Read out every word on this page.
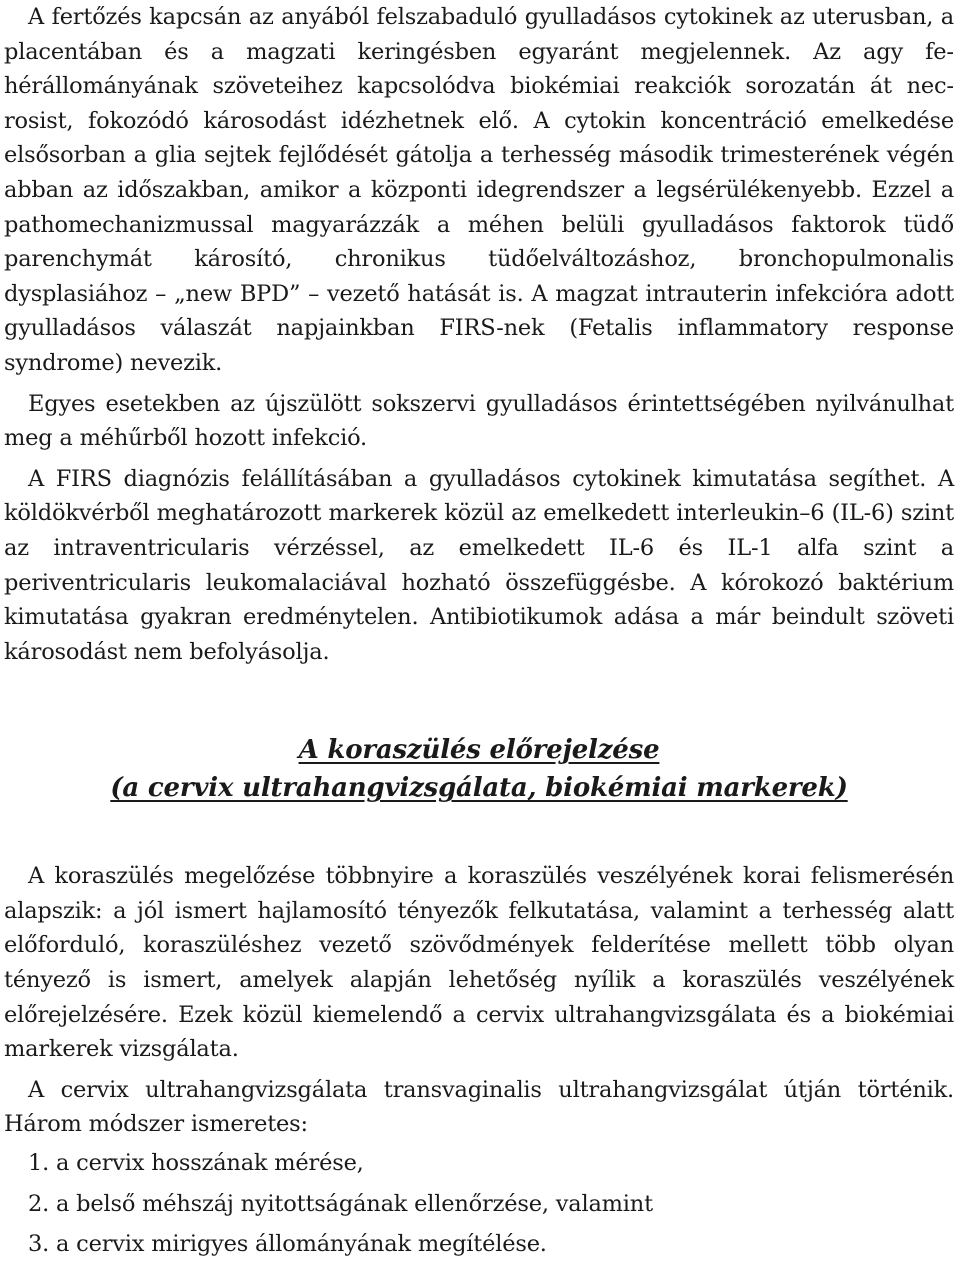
A fertőzés kapcsán az anyából felszabaduló gyulladásos cytokinek az uterusban, a placentában és a magzati keringésben egyaránt megjelennek. Az agy fehérállományának szöveteihez kapcsolódva biokémiai reakciók sorozatán át necrosist, fokozódó károsodást idézhetnek elő. A cytokin koncentráció emelkedése elsősorban a glia sejtek fejlődését gátolja a terhesség második trimesterének végén abban az időszakban, amikor a központi idegrendszer a legsérülékenyebb. Ezzel a pathomechanizmussal magyarázzák a méhen belüli gyulladásos faktorok tüdő parenchymát károsító, chronikus tüdőelváltozáshoz, bronchopulmonalis dysplasiához – „new BPD” – vezető hatását is. A magzat intrauterin infekcióra adott gyulladásos válaszát napjainkban FIRS-nek (Fetalis inflammatory response syndrome) nevezik.

Egyes esetekben az újszülött sokszervi gyulladásos érintettségében nyilvánulhat meg a méhűrből hozott infekció.

A FIRS diagnózis felállításában a gyulladásos cytokinek kimutatása segíthet. A köldökvérből meghatározott markerek közül az emelkedett interleukin–6 (IL-6) szint az intraventricularis vérzéssel, az emelkedett IL-6 és IL-1 alfa szint a periventricularis leukomalaciával hozható összefüggésbe. A kórokozó baktérium kimutatása gyakran eredménytelen. Antibiotikumok adása a már beindult szöveti károsodást nem befolyásolja.

A koraszülés előrejelzése
(a cervix ultrahangvizsgálata, biokémiai markerek)

A koraszülés megelőzése többnyire a koraszülés veszélyének korai felismerésén alapszik: a jól ismert hajlamosító tényezők felkutatása, valamint a terhesség alatt előforduló, koraszüléshez vezető szövődmények felderítése mellett több olyan tényező is ismert, amelyek alapján lehetőség nyílik a koraszülés veszélyének előrejelzésére. Ezek közül kiemelendő a cervix ultrahangvizsgálata és a biokémiai markerek vizsgálata.

A cervix ultrahangvizsgálata transvaginalis ultrahangvizsgálat útján történik. Három módszer ismeretes:

1. a cervix hosszának mérése,
2. a belső méhszáj nyitottságának ellenőrzése, valamint
3. a cervix mirigyes állományának megítélése.
